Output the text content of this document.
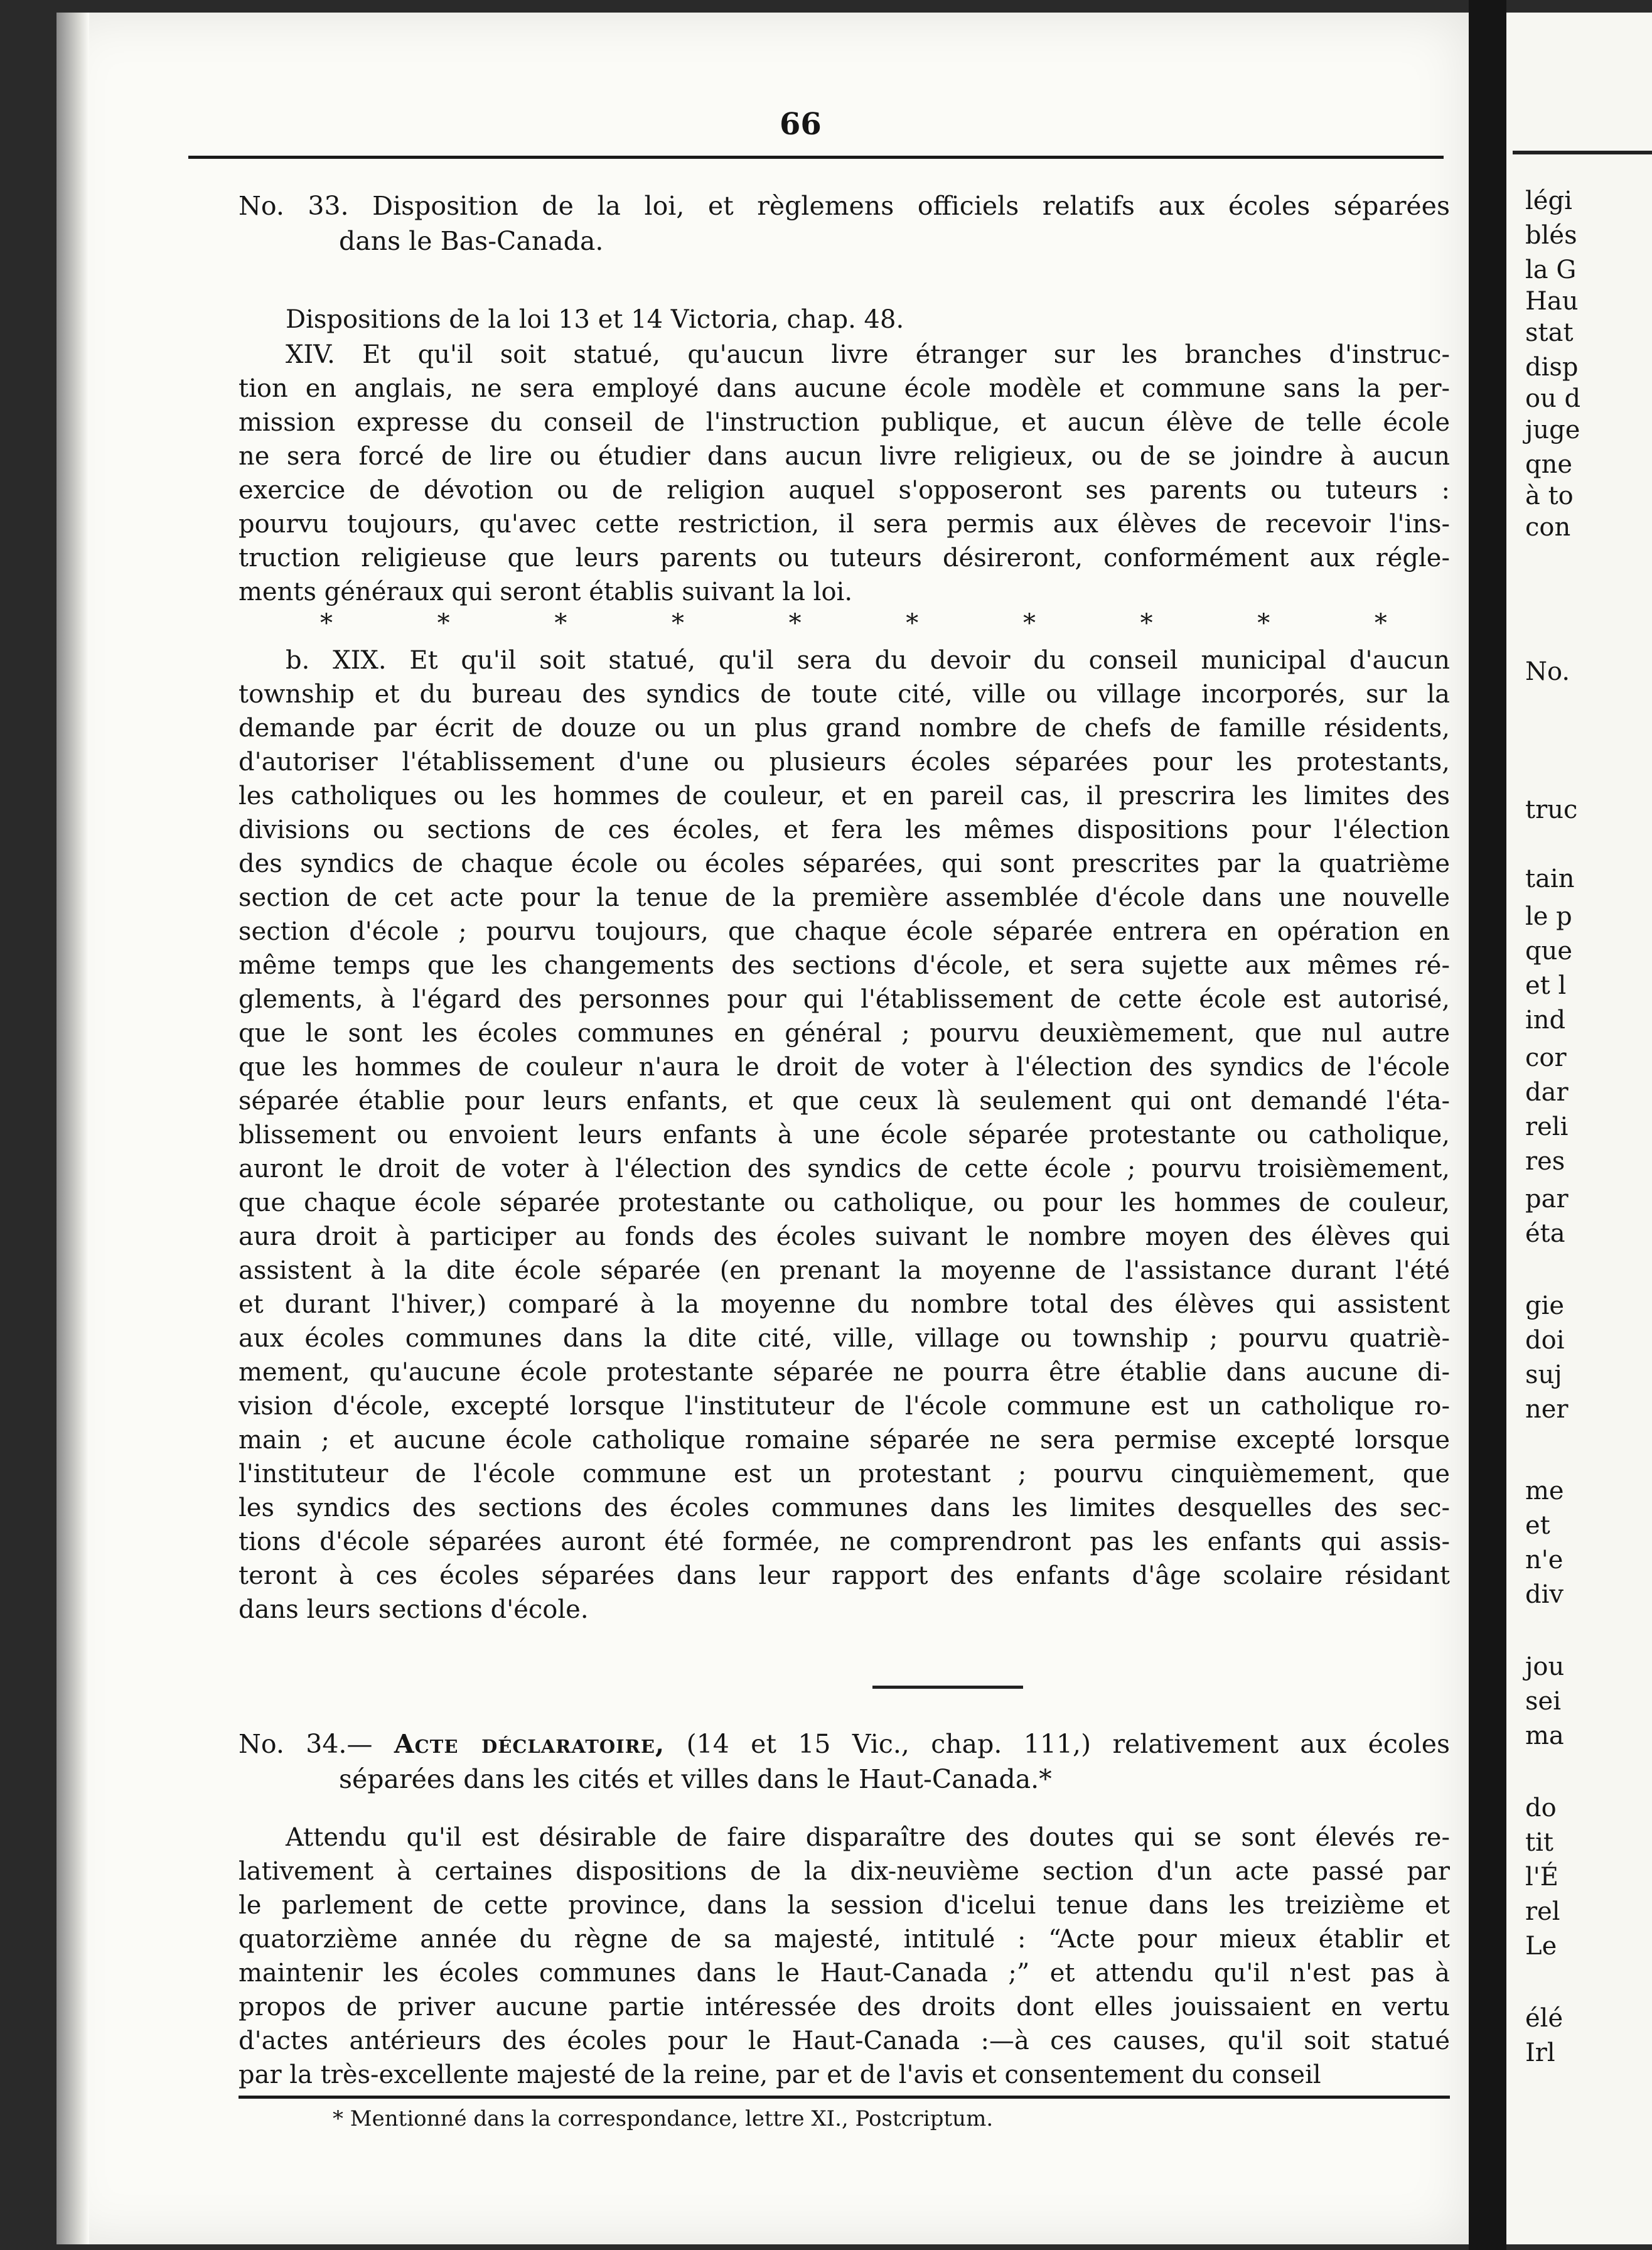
66
No. 33. Disposition de la loi, et règlemens officiels relatifs aux écoles séparées
dans le Bas-Canada.
Dispositions de la loi 13 et 14 Victoria, chap. 48.
XIV. Et qu'il soit statué, qu'aucun livre étranger sur les branches d'instruc-
tion en anglais, ne sera employé dans aucune école modèle et commune sans la per-
mission expresse du conseil de l'instruction publique, et aucun élève de telle école
ne sera forcé de lire ou étudier dans aucun livre religieux, ou de se joindre à aucun
exercice de dévotion ou de religion auquel s'opposeront ses parents ou tuteurs :
pourvu toujours, qu'avec cette restriction, il sera permis aux élèves de recevoir l'ins-
truction religieuse que leurs parents ou tuteurs désireront, conformément aux régle-
ments généraux qui seront établis suivant la loi.
*	*	*	*	*	*	*	*	*	*
b. XIX. Et qu'il soit statué, qu'il sera du devoir du conseil municipal d'aucun
township et du bureau des syndics de toute cité, ville ou village incorporés, sur la
demande par écrit de douze ou un plus grand nombre de chefs de famille résidents,
d'autoriser l'établissement d'une ou plusieurs écoles séparées pour les protestants,
les catholiques ou les hommes de couleur, et en pareil cas, il prescrira les limites des
divisions ou sections de ces écoles, et fera les mêmes dispositions pour l'élection
des syndics de chaque école ou écoles séparées, qui sont prescrites par la quatrième
section de cet acte pour la tenue de la première assemblée d'école dans une nouvelle
section d'école ; pourvu toujours, que chaque école séparée entrera en opération en
même temps que les changements des sections d'école, et sera sujette aux mêmes ré-
glements, à l'égard des personnes pour qui l'établissement de cette école est autorisé,
que le sont les écoles communes en général ; pourvu deuxièmement, que nul autre
que les hommes de couleur n'aura le droit de voter à l'élection des syndics de l'école
séparée établie pour leurs enfants, et que ceux là seulement qui ont demandé l'éta-
blissement ou envoient leurs enfants à une école séparée protestante ou catholique,
auront le droit de voter à l'élection des syndics de cette école ; pourvu troisièmement,
que chaque école séparée protestante ou catholique, ou pour les hommes de couleur,
aura droit à participer au fonds des écoles suivant le nombre moyen des élèves qui
assistent à la dite école séparée (en prenant la moyenne de l'assistance durant l'été
et durant l'hiver,) comparé à la moyenne du nombre total des élèves qui assistent
aux écoles communes dans la dite cité, ville, village ou township ; pourvu quatriè-
mement, qu'aucune école protestante séparée ne pourra être établie dans aucune di-
vision d'école, excepté lorsque l'instituteur de l'école commune est un catholique ro-
main ; et aucune école catholique romaine séparée ne sera permise excepté lorsque
l'instituteur de l'école commune est un protestant ; pourvu cinquièmement, que
les syndics des sections des écoles communes dans les limites desquelles des sec-
tions d'école séparées auront été formée, ne comprendront pas les enfants qui assis-
teront à ces écoles séparées dans leur rapport des enfants d'âge scolaire résidant
dans leurs sections d'école.
No. 34.— Acte déclaratoire, (14 et 15 Vic., chap. 111,) relativement aux écoles
séparées dans les cités et villes dans le Haut-Canada.*
Attendu qu'il est désirable de faire disparaître des doutes qui se sont élevés re-
lativement à certaines dispositions de la dix-neuvième section d'un acte passé par
le parlement de cette province, dans la session d'icelui tenue dans les treizième et
quatorzième année du règne de sa majesté, intitulé : “Acte pour mieux établir et
maintenir les écoles communes dans le Haut-Canada ;” et attendu qu'il n'est pas à
propos de priver aucune partie intéressée des droits dont elles jouissaient en vertu
d'actes antérieurs des écoles pour le Haut-Canada :—à ces causes, qu'il soit statué
par la très-excellente majesté de la reine, par et de l'avis et consentement du conseil
* Mentionné dans la correspondance, lettre XI., Postcriptum.
légi
blés
la G
Hau
stat
disp
ou d
juge
qne
à to
con
No.
truc
tain
le p
que
et l
ind
cor
dar
reli
res
par
éta
gie
doi
suj
ner
me
et
n'e
div
jou
sei
ma
do
tit
l'É
rel
Le
élé
Irl
